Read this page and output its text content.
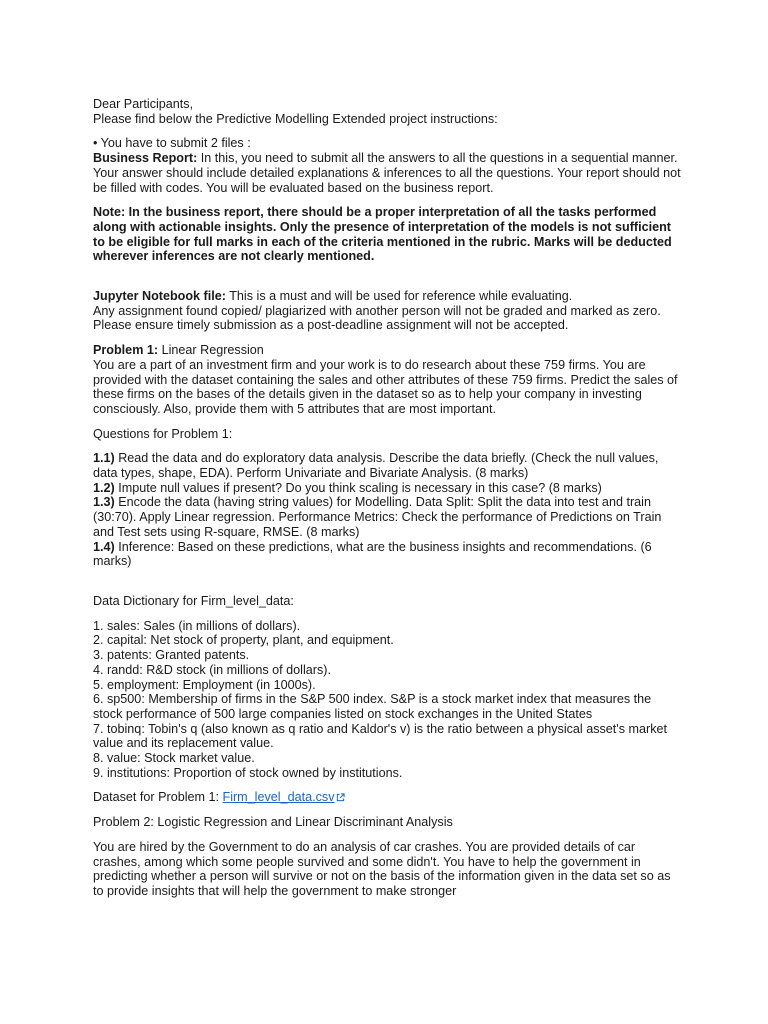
Dear Participants,

Please find below the Predictive Modelling Extended project instructions:

• You have to submit 2 files :

Business Report: In this, you need to submit all the answers to all the questions in a sequential manner. Your answer should include detailed explanations & inferences to all the questions. Your report should not be filled with codes. You will be evaluated based on the business report.

Note: In the business report, there should be a proper interpretation of all the tasks performed along with actionable insights. Only the presence of interpretation of the models is not sufficient to be eligible for full marks in each of the criteria mentioned in the rubric. Marks will be deducted wherever inferences are not clearly mentioned.

Jupyter Notebook file: This is a must and will be used for reference while evaluating.

Any assignment found copied/ plagiarized with another person will not be graded and marked as zero. Please ensure timely submission as a post-deadline assignment will not be accepted.

Problem 1: Linear Regression

You are a part of an investment firm and your work is to do research about these 759 firms. You are provided with the dataset containing the sales and other attributes of these 759 firms. Predict the sales of these firms on the bases of the details given in the dataset so as to help your company in investing consciously. Also, provide them with 5 attributes that are most important.

Questions for Problem 1:

1.1) Read the data and do exploratory data analysis. Describe the data briefly. (Check the null values, data types, shape, EDA). Perform Univariate and Bivariate Analysis. (8 marks)

1.2) Impute null values if present? Do you think scaling is necessary in this case? (8 marks)

1.3) Encode the data (having string values) for Modelling. Data Split: Split the data into test and train (30:70). Apply Linear regression. Performance Metrics: Check the performance of Predictions on Train and Test sets using R-square, RMSE. (8 marks)

1.4) Inference: Based on these predictions, what are the business insights and recommendations. (6 marks)

Data Dictionary for Firm_level_data:

1. sales: Sales (in millions of dollars).
2. capital: Net stock of property, plant, and equipment.
3. patents: Granted patents.
4. randd: R&D stock (in millions of dollars).
5. employment: Employment (in 1000s).
6. sp500: Membership of firms in the S&P 500 index. S&P is a stock market index that measures the stock performance of 500 large companies listed on stock exchanges in the United States
7. tobinq: Tobin's q (also known as q ratio and Kaldor's v) is the ratio between a physical asset's market value and its replacement value.
8. value: Stock market value.
9. institutions: Proportion of stock owned by institutions.

Dataset for Problem 1: Firm_level_data.csv

Problem 2: Logistic Regression and Linear Discriminant Analysis

You are hired by the Government to do an analysis of car crashes. You are provided details of car crashes, among which some people survived and some didn't. You have to help the government in predicting whether a person will survive or not on the basis of the information given in the data set so as to provide insights that will help the government to make stronger
